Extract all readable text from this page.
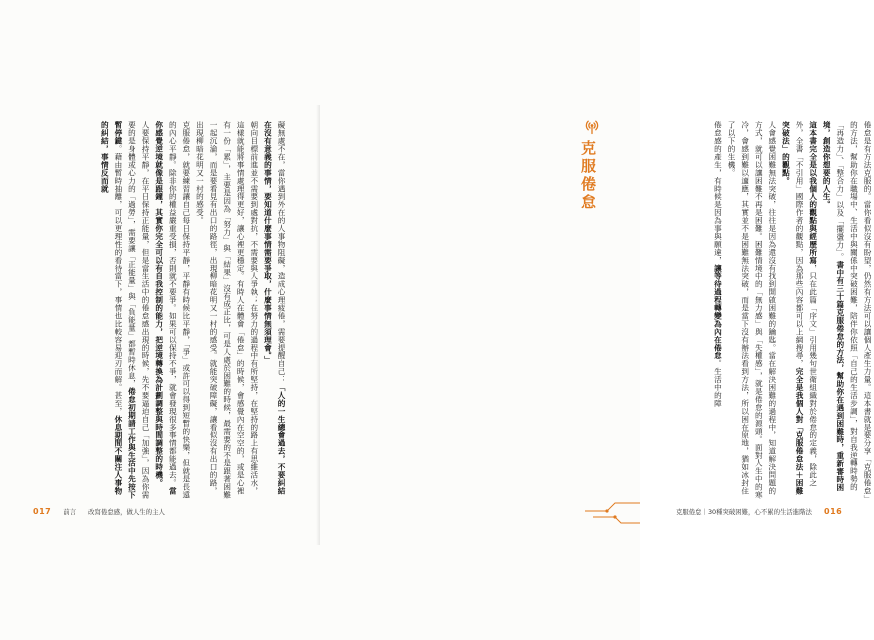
礙無處不在，當你遇到外在的人事物阻礙，造成心理疲倦，需要提醒自己：「人的一生總會過去，不要糾結在沒有意義的事情，要知道什麼事情需要爭取，什麼事情無須理會。」
朝向目標前進並不需要到處對抗，不需要與人爭執；在努力的過程中有所堅持，在堅持的路上有思維活水，這樣就能將事情處理得更好，讓心裡更穩定。有時人在體會「倦怠」的時候，會感覺內在空空的，或是心裡有一份「累」，主要是因為「努力」與「結果」沒有成正比，可是人處於困難的時候，最需要的不是跟著困難一起沉淪，而是要看見有出口的路徑，出現柳暗花明又一村的感受。就能突破障礙，讓看似沒有出口的路，出現柳暗花明又一村的感受。
克服倦怠，就要練習讓自己每日保持平靜，平靜有時候比平靜，「爭」或許可以得到短暫的快樂，但就是長遠的內心平靜。除非你的權益嚴重受損，否則就不要爭。如果可以保持不爭，就會發現很多事情都能過去。當你感覺逆境就像是跟鐘，其實你完全可以有自我控制的能力，把逆境轉換為計劃調整與時間調整的時機。
人要保持平靜，在平日保持正能量，但是當生活中的倦怠感出現的時候，先不要逼迫自己「加強」，因為你需要的是身體或心力的「過勞」，需要讓「正能量」與「負能量」都暫時休息，倦怠初期請工作與生活中先按下暫停鍵。藉由暫時抽離，可以更理性的看待當下，事情也比較容易迎刃而解。甚至，休息期間不關注人事物的糾結，事情反而就
017 前言 改寫倦怠感，做人生的主人
倦怠是有方法克服的。當你看似沒有盼望，仍然有方法可以讓個人產生力量。這本書就是要分享「克服倦怠」的方法，幫助你在職場中、生活中與關係中突破困難，陪伴你依照「自己的生活步調」，對自我逆轉時勢的「再造力」、「整合力」以及「擺盪力」。書中有三十篇克服倦怠的方法，幫助你在遇到困難時，重新審時困境，創造你想要的人生。
這本書完全是以我個人的觀點與經歷所寫，只在此篇「序文」引用幾句世衛組織對於倦怠的定義，除此之外，全書「不引用」國際作者的觀點，因為那些內容都可以上網搜尋，完全是我個人對「克服倦怠法＋困難突破法」的觀點。
人會感覺困難無法突破，往往是因為還沒有找到開啟困難的鑰匙。當在解決困難的過程中，知道解決問題的方式，就可以讓困難不再是困難。困難情境中的「無力感」與「失權感」，就是倦怠的源頭。面對人生中的寒冷，會感到難以適應，其實並不是困難無法突破，而是當下沒有辦法看到方法，所以困在原地，猶如冰封住了以下的生機。
倦怠感的產生，有時候是因為事與願違，讓等待過程轉變為內在倦怠。生活中的障
克服倦怠｜30種突破困難，心不累的生活進階法 016
克服倦怠
